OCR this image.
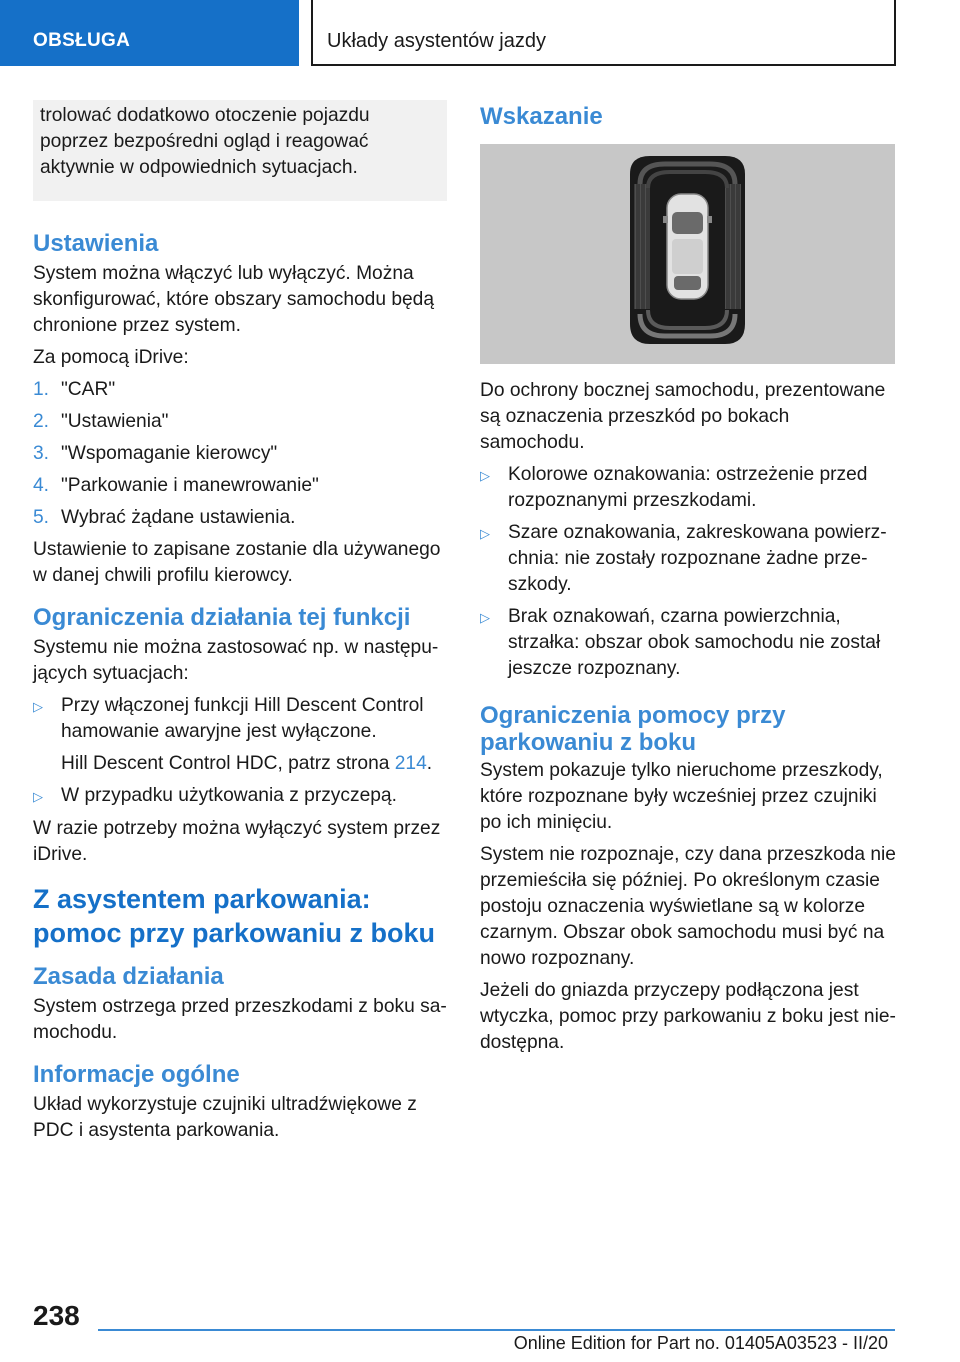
OBSŁUGA	Układy asystentów jazdy

trolować dodatkowo otoczenie pojazdu poprzez bezpośredni ogląd i reagować aktywnie w odpowiednich sytuacjach.

Ustawienia

System można włączyć lub wyłączyć. Można skonfigurować, które obszary samochodu będą chronione przez system.

Za pomocą iDrive:

1. "CAR"
2. "Ustawienia"
3. "Wspomaganie kierowcy"
4. "Parkowanie i manewrowanie"
5. Wybrać żądane ustawienia.

Ustawienie to zapisane zostanie dla używanego w danej chwili profilu kierowcy.

Ograniczenia działania tej funkcji

Systemu nie można zastosować np. w następujących sytuacjach:

▷ Przy włączonej funkcji Hill Descent Control hamowanie awaryjne jest wyłączone.

Hill Descent Control HDC, patrz strona 214.

▷ W przypadku użytkowania z przyczepą.

W razie potrzeby można wyłączyć system przez iDrive.

Z asystentem parkowania: pomoc przy parkowaniu z boku
Zasada działania

System ostrzega przed przeszkodami z boku samochodu.

Informacje ogólne

Układ wykorzystuje czujniki ultradźwiękowe z PDC i asystenta parkowania.

Wskazanie

Do ochrony bocznej samochodu, prezentowane są oznaczenia przeszkód po bokach samochodu.

▷ Kolorowe oznakowania: ostrzeżenie przed rozpoznanymi przeszkodami.
▷ Szare oznakowania, zakreskowana powierzchnia: nie zostały rozpoznane żadne przeszkody.
▷ Brak oznakowań, czarna powierzchnia, strzałka: obszar obok samochodu nie został jeszcze rozpoznany.
Ograniczenia pomocy przy parkowaniu z boku

System pokazuje tylko nieruchome przeszkody, które rozpoznane były wcześniej przez czujniki po ich minięciu.

System nie rozpoznaje, czy dana przeszkoda nie przemieściła się później. Po określonym czasie postoju oznaczenia wyświetlane są w kolorze czarnym. Obszar obok samochodu musi być na nowo rozpoznany.

Jeżeli do gniazda przyczepy podłączona jest wtyczka, pomoc przy parkowaniu z boku jest niedostępna.

238
Online Edition for Part no. 01405A03523 - II/20
